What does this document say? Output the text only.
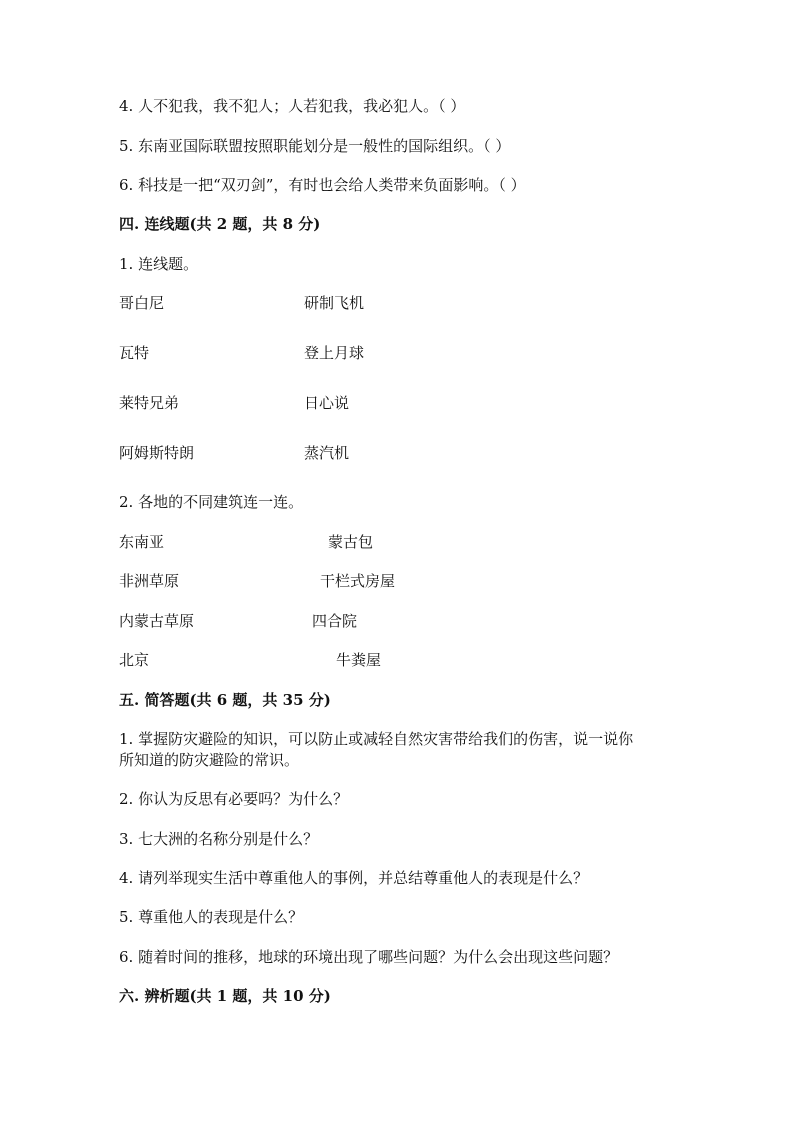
4. 人不犯我，我不犯人；人若犯我，我必犯人。（ ）
5. 东南亚国际联盟按照职能划分是一般性的国际组织。（ ）
6. 科技是一把“双刃剑”，有时也会给人类带来负面影响。（ ）
四. 连线题(共 2 题，共 8 分)
1. 连线题。
哥白尼	研制飞机
瓦特	登上月球
莱特兄弟	日心说
阿姆斯特朗	蒸汽机
2. 各地的不同建筑连一连。
东南亚	蒙古包
非洲草原	干栏式房屋
内蒙古草原	四合院
北京	牛粪屋
五. 简答题(共 6 题，共 35 分)
1. 掌握防灾避险的知识，可以防止或减轻自然灾害带给我们的伤害，说一说你
所知道的防灾避险的常识。
2. 你认为反思有必要吗？为什么？
3. 七大洲的名称分别是什么？
4. 请列举现实生活中尊重他人的事例，并总结尊重他人的表现是什么？
5. 尊重他人的表现是什么？
6. 随着时间的推移，地球的环境出现了哪些问题？为什么会出现这些问题？
六. 辨析题(共 1 题，共 10 分)
